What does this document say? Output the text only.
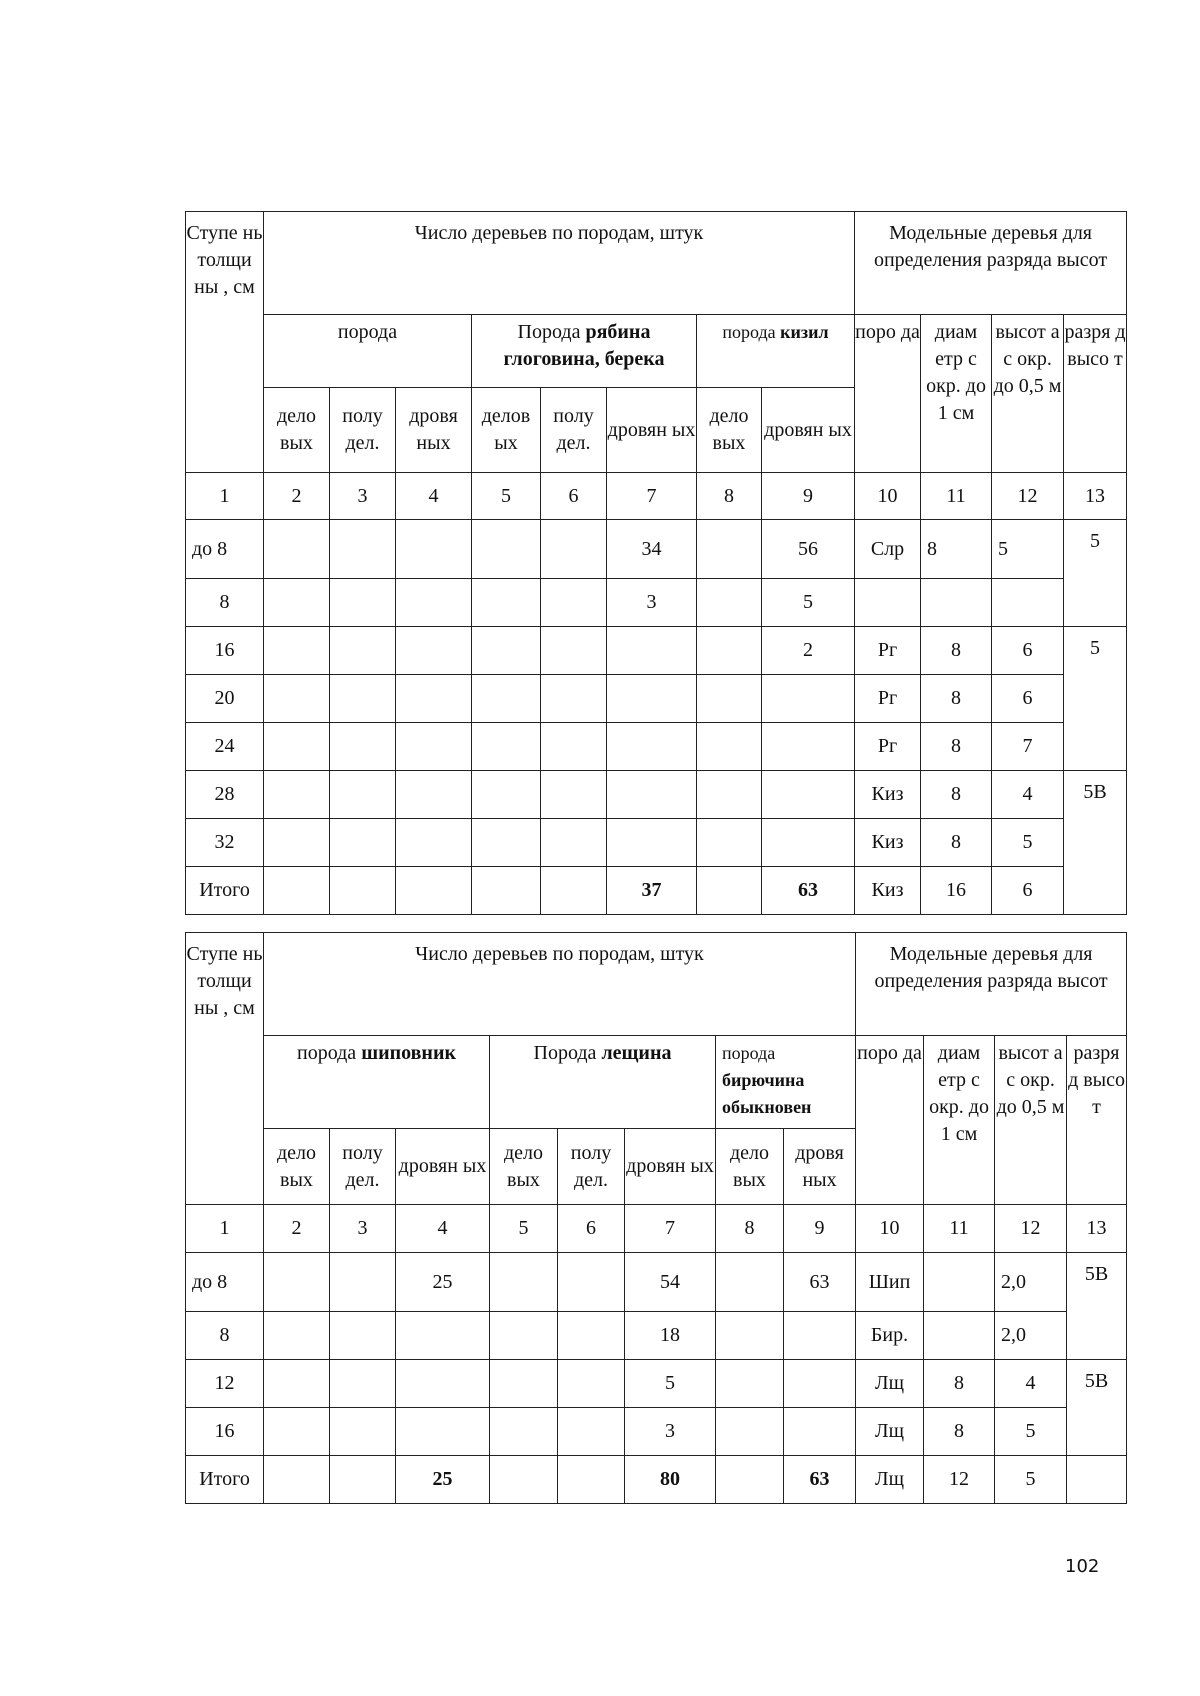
Ступе нь толщи ны , см	Число деревьев по породам, штук								Модельные деревья для определения разряда высот			
	порода			Порода рябина глоговина, берека			порода кизил		поро да	диам етр с окр. до 1 см	высот а с окр. до 0,5 м	разря д высо т
	дело вых	полу дел.	дровя ных	делов ых	полу дел.	дровян ых	дело вых	дровян ых				
1	2	3	4	5	6	7	8	9	10	11	12	13
до 8						34		56	Слр	8	5	5
8						3		5				
16								2	Рг	8	6	5
20									Рг	8	6	
24									Рг	8	7	
28									Киз	8	4	5В
32									Киз	8	5	
Итого						37		63	Киз	16	6	
Ступе нь толщи ны , см	Число деревьев по породам, штук								Модельные деревья для определения разряда высот			
	порода шиповник			Порода лещина			порода бирючина обыкновен		поро да	диам етр с окр. до 1 см	высот а с окр. до 0,5 м	разря д высо т
	дело вых	полу дел.	дровян ых	дело вых	полу дел.	дровян ых	дело вых	дровя ных				
1	2	3	4	5	6	7	8	9	10	11	12	13
до 8			25			54		63	Шип		2,0	5В
8						18			Бир.		2,0	
12						5			Лщ	8	4	5В
16						3			Лщ	8	5	
Итого			25			80		63	Лщ	12	5	
102
